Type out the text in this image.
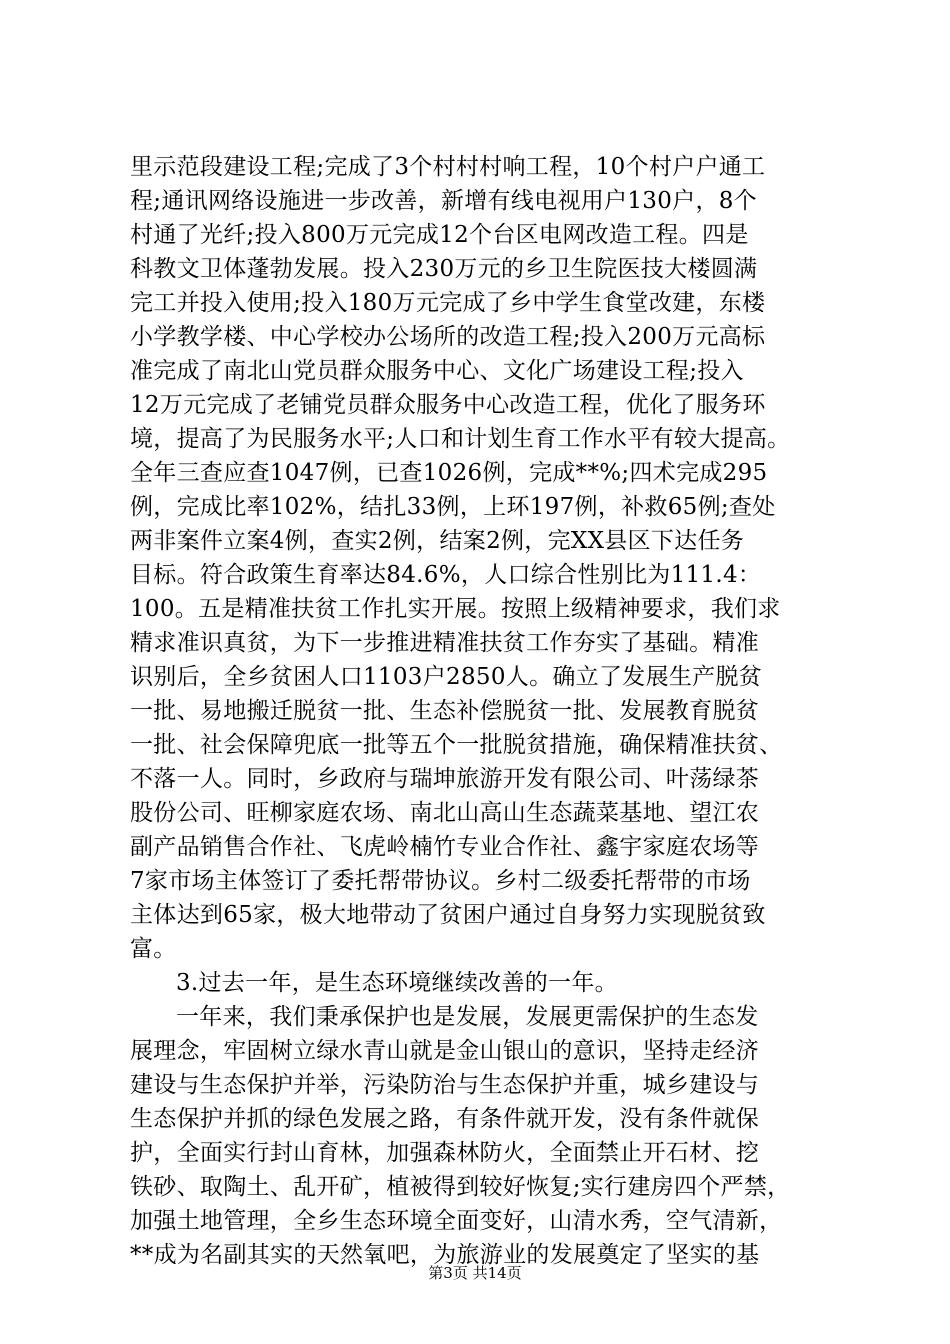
里示范段建设工程;完成了3个村村村响工程，10个村户户通工
程;通讯网络设施进一步改善，新增有线电视用户130户，8个
村通了光纤;投入800万元完成12个台区电网改造工程。四是
科教文卫体蓬勃发展。投入230万元的乡卫生院医技大楼圆满
完工并投入使用;投入180万元完成了乡中学生食堂改建，东楼
小学教学楼、中心学校办公场所的改造工程;投入200万元高标
准完成了南北山党员群众服务中心、文化广场建设工程;投入
12万元完成了老铺党员群众服务中心改造工程，优化了服务环
境，提高了为民服务水平;人口和计划生育工作水平有较大提高。
全年三查应查1047例，已查1026例，完成**%;四术完成295
例，完成比率102%，结扎33例，上环197例，补救65例;查处
两非案件立案4例，查实2例，结案2例，完XX县区下达任务
目标。符合政策生育率达84.6%，人口综合性别比为111.4：
100。五是精准扶贫工作扎实开展。按照上级精神要求，我们求
精求准识真贫，为下一步推进精准扶贫工作夯实了基础。精准
识别后，全乡贫困人口1103户2850人。确立了发展生产脱贫
一批、易地搬迁脱贫一批、生态补偿脱贫一批、发展教育脱贫
一批、社会保障兜底一批等五个一批脱贫措施，确保精准扶贫、
不落一人。同时，乡政府与瑞坤旅游开发有限公司、叶荡绿茶
股份公司、旺柳家庭农场、南北山高山生态蔬菜基地、望江农
副产品销售合作社、飞虎岭楠竹专业合作社、鑫宇家庭农场等
7家市场主体签订了委托帮带协议。乡村二级委托帮带的市场
主体达到65家，极大地带动了贫困户通过自身努力实现脱贫致
富。
3.过去一年，是生态环境继续改善的一年。
一年来，我们秉承保护也是发展，发展更需保护的生态发
展理念，牢固树立绿水青山就是金山银山的意识，坚持走经济
建设与生态保护并举，污染防治与生态保护并重，城乡建设与
生态保护并抓的绿色发展之路，有条件就开发，没有条件就保
护，全面实行封山育林，加强森林防火，全面禁止开石材、挖
铁砂、取陶土、乱开矿，植被得到较好恢复;实行建房四个严禁，
加强土地管理，全乡生态环境全面变好，山清水秀，空气清新，
**成为名副其实的天然氧吧，为旅游业的发展奠定了坚实的基
第3页 共14页
